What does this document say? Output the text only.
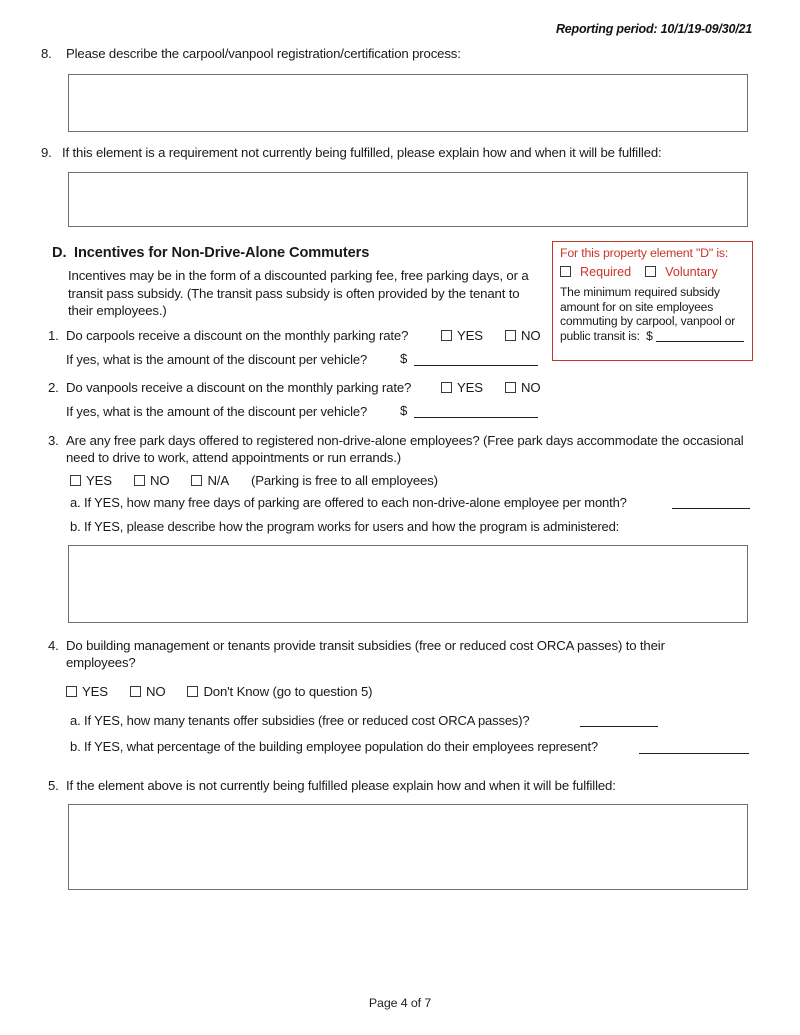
Reporting period: 10/1/19-09/30/21
8. Please describe the carpool/vanpool registration/certification process:
9. If this element is a requirement not currently being fulfilled, please explain how and when it will be fulfilled:
D. Incentives for Non-Drive-Alone Commuters
Incentives may be in the form of a discounted parking fee, free parking days, or a transit pass subsidy. (The transit pass subsidy is often provided by the tenant to their employees.)
For this property element "D" is:
Required	Voluntary
The minimum required subsidy amount for on site employees commuting by carpool, vanpool or public transit is: $
1. Do carpools receive a discount on the monthly parking rate?	YES	NO
If yes, what is the amount of the discount per vehicle? $
2. Do vanpools receive a discount on the monthly parking rate?	YES	NO
If yes, what is the amount of the discount per vehicle? $
3. Are any free park days offered to registered non-drive-alone employees? (Free park days accommodate the occasional need to drive to work, attend appointments or run errands.)
YES	NO	N/A (Parking is free to all employees)
a. If YES, how many free days of parking are offered to each non-drive-alone employee per month?
b. If YES, please describe how the program works for users and how the program is administered:
4. Do building management or tenants provide transit subsidies (free or reduced cost ORCA passes) to their employees?
YES	NO	Don't Know (go to question 5)
a. If YES, how many tenants offer subsidies (free or reduced cost ORCA passes)?
b. If YES, what percentage of the building employee population do their employees represent?
5. If the element above is not currently being fulfilled please explain how and when it will be fulfilled:
Page 4 of 7
